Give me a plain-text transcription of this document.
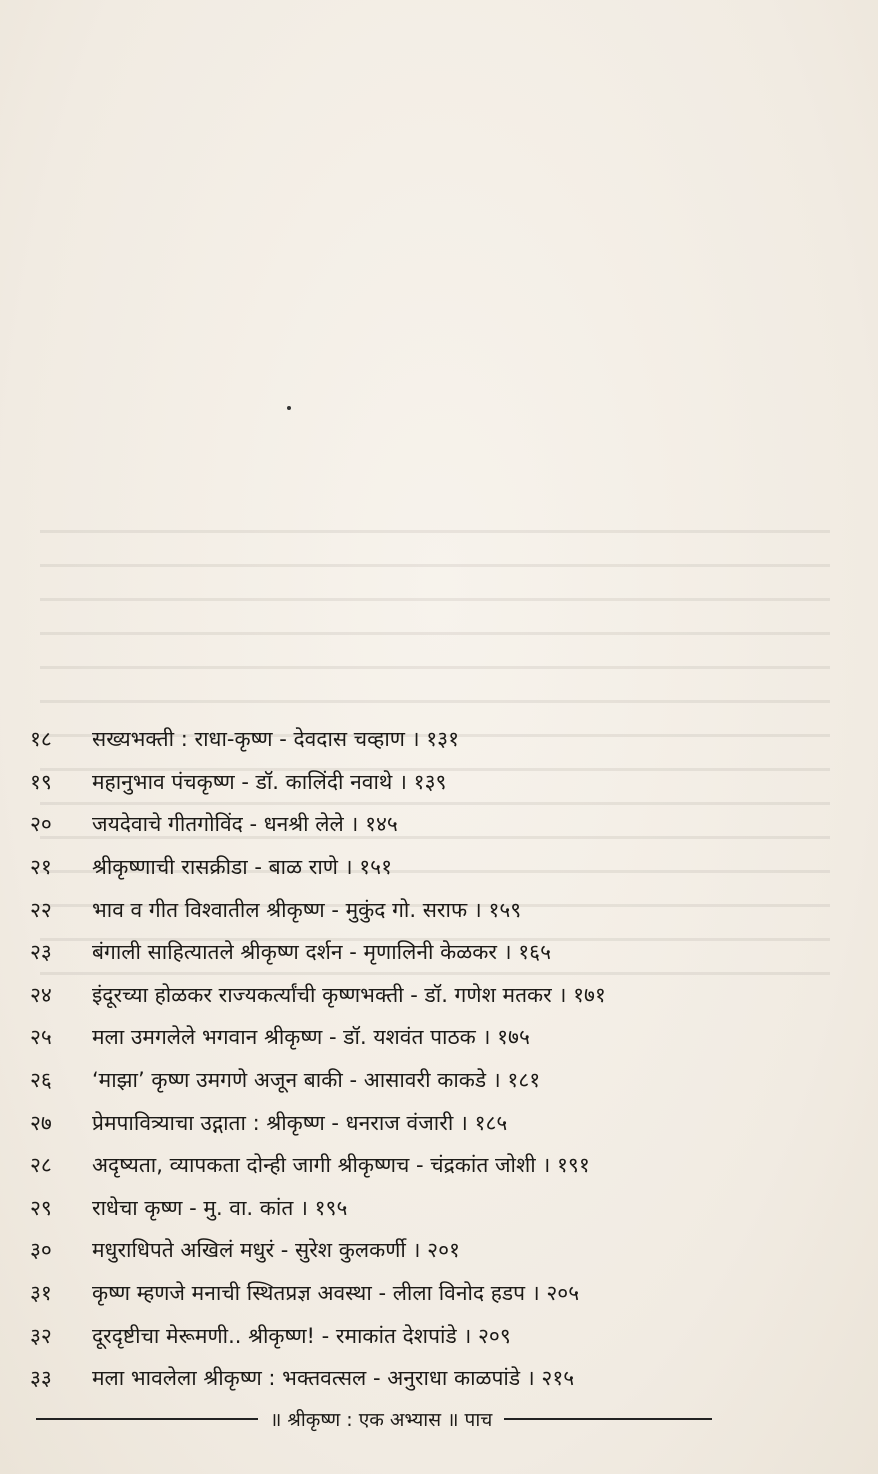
१८	सख्यभक्ती : राधा-कृष्ण - देवदास चव्हाण । १३१
१९	महानुभाव पंचकृष्ण - डॉ. कालिंदी नवाथे । १३९
२०	जयदेवाचे गीतगोविंद - धनश्री लेले । १४५
२१	श्रीकृष्णाची रासक्रीडा - बाळ राणे । १५१
२२	भाव व गीत विश्वातील श्रीकृष्ण - मुकुंद गो. सराफ । १५९
२३	बंगाली साहित्यातले श्रीकृष्ण दर्शन - मृणालिनी केळकर । १६५
२४	इंदूरच्या होळकर राज्यकर्त्यांची कृष्णभक्ती - डॉ. गणेश मतकर । १७१
२५	मला उमगलेले भगवान श्रीकृष्ण - डॉ. यशवंत पाठक । १७५
२६	‘माझा’ कृष्ण उमगणे अजून बाकी - आसावरी काकडे । १८१
२७	प्रेमपावित्र्याचा उद्गाता : श्रीकृष्ण - धनराज वंजारी । १८५
२८	अदृष्यता, व्यापकता दोन्ही जागी श्रीकृष्णच - चंद्रकांत जोशी । १९१
२९	राधेचा कृष्ण - मु. वा. कांत । १९५
३०	मधुराधिपते अखिलं मधुरं - सुरेश कुलकर्णी । २०१
३१	कृष्ण म्हणजे मनाची स्थितप्रज्ञ अवस्था - लीला विनोद हडप । २०५
३२	दूरदृष्टीचा मेरूमणी.. श्रीकृष्ण! - रमाकांत देशपांडे । २०९
३३	मला भावलेला श्रीकृष्ण : भक्तवत्सल - अनुराधा काळपांडे । २१५
॥ श्रीकृष्ण : एक अभ्यास ॥ पाच
